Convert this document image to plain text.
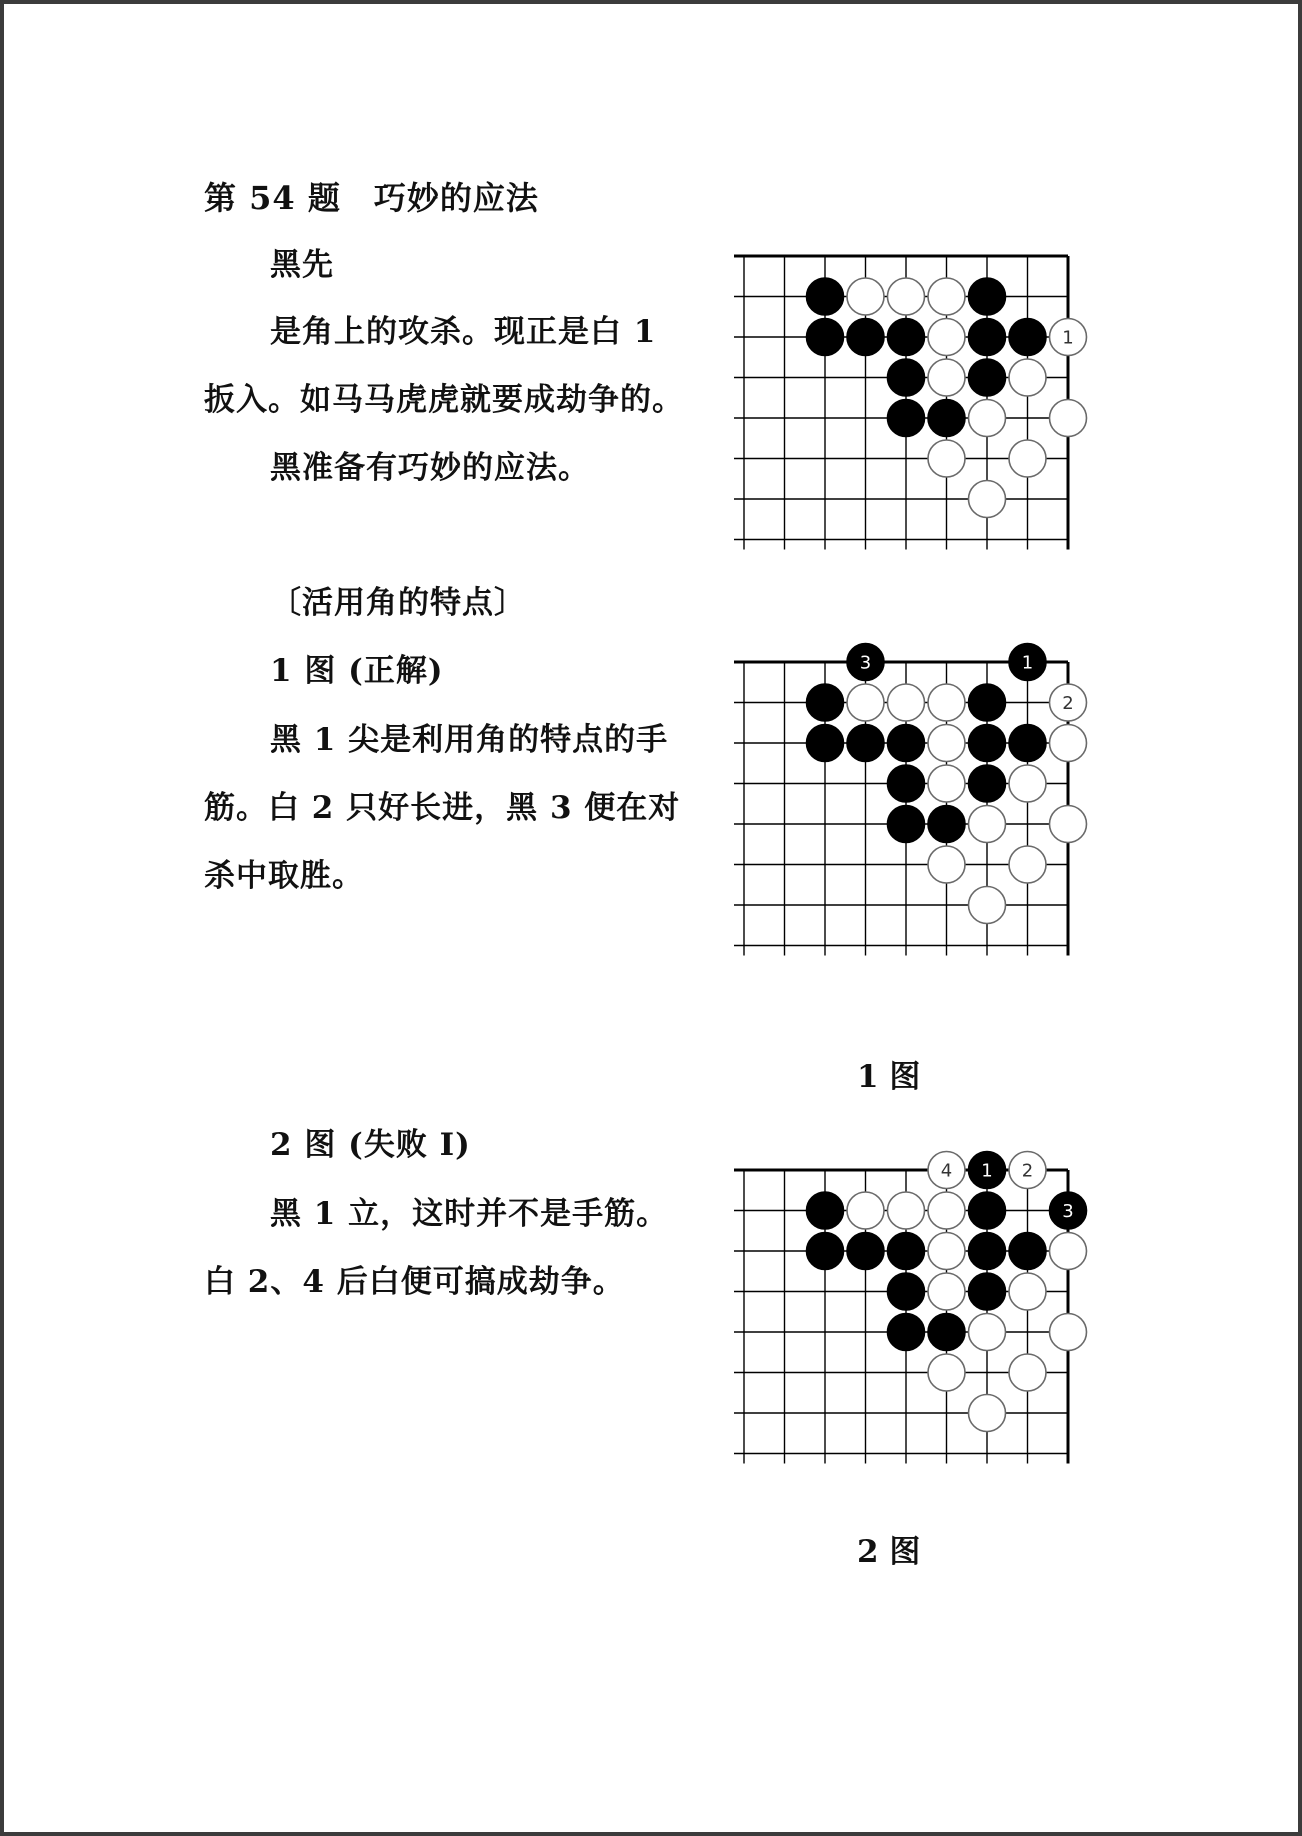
第 54 题　巧妙的应法
黑先
是角上的攻杀。现正是白 1
扳入。如马马虎虎就要成劫争的。
黑准备有巧妙的应法。
1
〔活用角的特点〕
1 图 (正解)
黑 1 尖是利用角的特点的手
筋。白 2 只好长进，黑 3 便在对
杀中取胜。
3	1
2
1 图
2 图 (失败 I)
黑 1 立，这时并不是手筋。
白 2、4 后白便可搞成劫争。
4 1 2
3
2 图
